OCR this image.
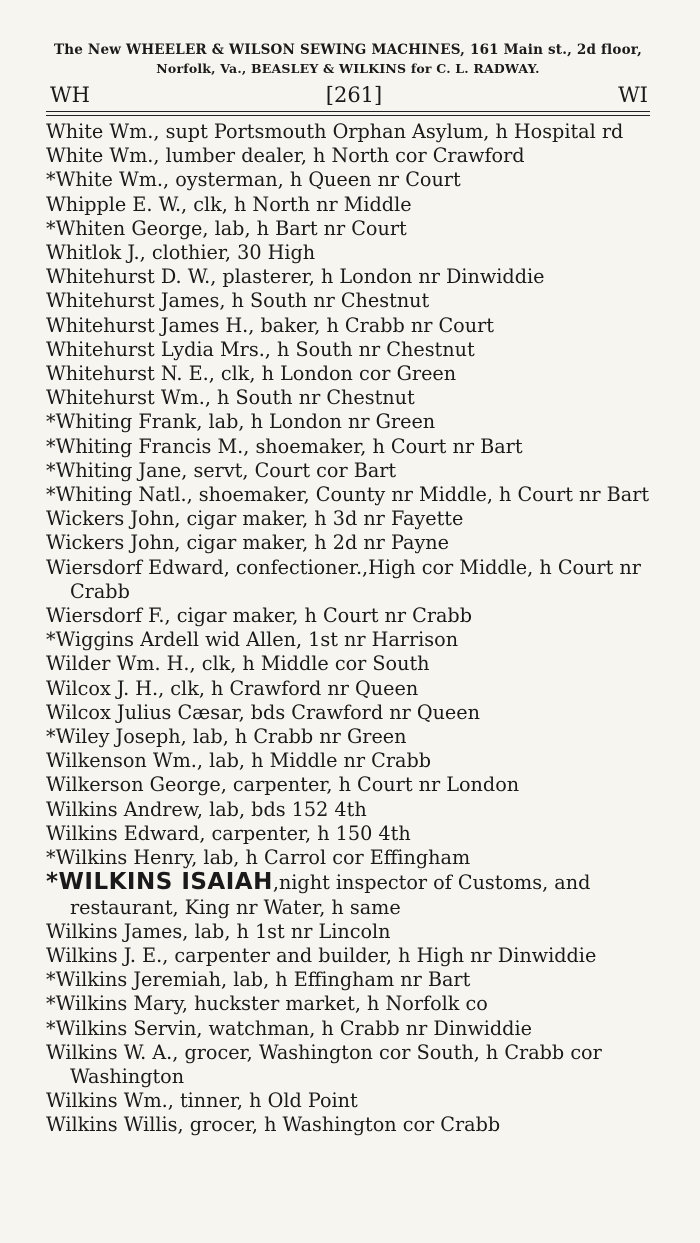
The New WHEELER & WILSON SEWING MACHINES, 161 Main st., 2d floor,
Norfolk, Va., BEASLEY & WILKINS for C. L. RADWAY.
WH	[261]	WI
White Wm., supt Portsmouth Orphan Asylum, h Hospital rd
White Wm., lumber dealer, h North cor Crawford
*White Wm., oysterman, h Queen nr Court
Whipple E. W., clk, h North nr Middle
*Whiten George, lab, h Bart nr Court
Whitlok J., clothier, 30 High
Whitehurst D. W., plasterer, h London nr Dinwiddie
Whitehurst James, h South nr Chestnut
Whitehurst James H., baker, h Crabb nr Court
Whitehurst Lydia Mrs., h South nr Chestnut
Whitehurst N. E., clk, h London cor Green
Whitehurst Wm., h South nr Chestnut
*Whiting Frank, lab, h London nr Green
*Whiting Francis M., shoemaker, h Court nr Bart
*Whiting Jane, servt, Court cor Bart
*Whiting Natl., shoemaker, County nr Middle, h Court nr Bart
Wickers John, cigar maker, h 3d nr Fayette
Wickers John, cigar maker, h 2d nr Payne
Wiersdorf Edward, confectioner.,High cor Middle, h Court nr Crabb
Wiersdorf F., cigar maker, h Court nr Crabb
*Wiggins Ardell wid Allen, 1st nr Harrison
Wilder Wm. H., clk, h Middle cor South
Wilcox J. H., clk, h Crawford nr Queen
Wilcox Julius Cæsar, bds Crawford nr Queen
*Wiley Joseph, lab, h Crabb nr Green
Wilkenson Wm., lab, h Middle nr Crabb
Wilkerson George, carpenter, h Court nr London
Wilkins Andrew, lab, bds 152 4th
Wilkins Edward, carpenter, h 150 4th
*Wilkins Henry, lab, h Carrol cor Effingham
*WILKINS ISAIAH,night inspector of Customs, and restaurant, King nr Water, h same
Wilkins James, lab, h 1st nr Lincoln
Wilkins J. E., carpenter and builder, h High nr Dinwiddie
*Wilkins Jeremiah, lab, h Effingham nr Bart
*Wilkins Mary, huckster market, h Norfolk co
*Wilkins Servin, watchman, h Crabb nr Dinwiddie
Wilkins W. A., grocer, Washington cor South, h Crabb cor Washington
Wilkins Wm., tinner, h Old Point
Wilkins Willis, grocer, h Washington cor Crabb
